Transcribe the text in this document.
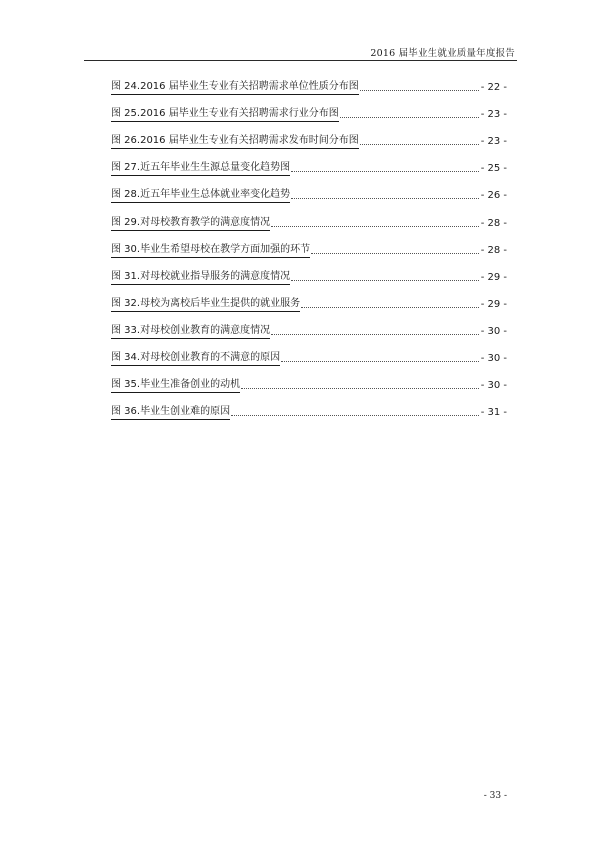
2016 届毕业生就业质量年度报告
图 24.2016 届毕业生专业有关招聘需求单位性质分布图	- 22 -
图 25.2016 届毕业生专业有关招聘需求行业分布图	- 23 -
图 26.2016 届毕业生专业有关招聘需求发布时间分布图	- 23 -
图 27.近五年毕业生生源总量变化趋势图	- 25 -
图 28.近五年毕业生总体就业率变化趋势	- 26 -
图 29.对母校教育教学的满意度情况	- 28 -
图 30.毕业生希望母校在教学方面加强的环节	- 28 -
图 31.对母校就业指导服务的满意度情况	- 29 -
图 32.母校为离校后毕业生提供的就业服务	- 29 -
图 33.对母校创业教育的满意度情况	- 30 -
图 34.对母校创业教育的不满意的原因	- 30 -
图 35.毕业生准备创业的动机	- 30 -
图 36.毕业生创业难的原因	- 31 -
- 33 -
